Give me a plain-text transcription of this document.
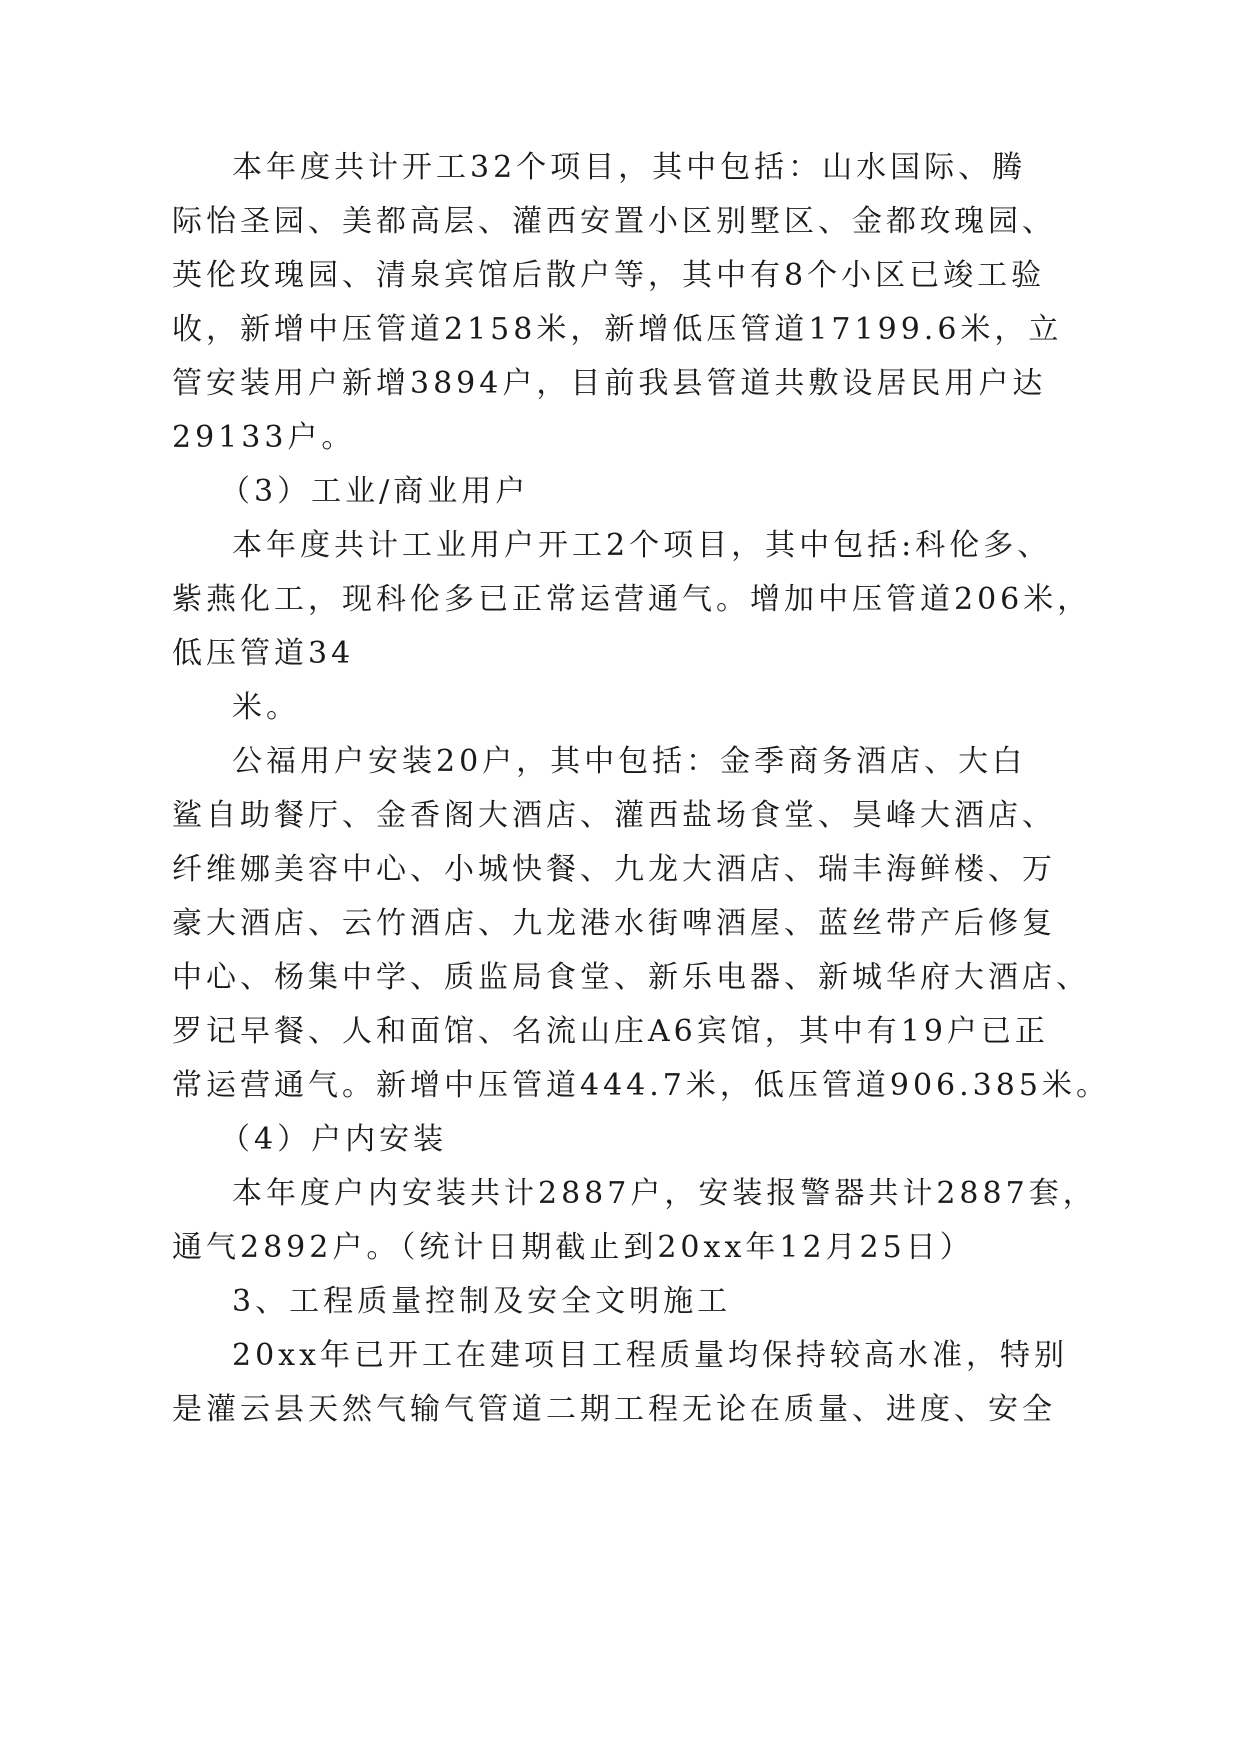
本年度共计开工32个项目，其中包括：山水国际、腾

际怡圣园、美都高层、灌西安置小区别墅区、金都玫瑰园、

英伦玫瑰园、清泉宾馆后散户等，其中有8个小区已竣工验

收，新增中压管道2158米，新增低压管道17199.6米，立

管安装用户新增3894户，目前我县管道共敷设居民用户达

29133户。

（3）工业/商业用户

本年度共计工业用户开工2个项目，其中包括:科伦多、

紫燕化工，现科伦多已正常运营通气。增加中压管道206米，

低压管道34

米。

公福用户安装20户，其中包括：金季商务酒店、大白

鲨自助餐厅、金香阁大酒店、灌西盐场食堂、昊峰大酒店、

纤维娜美容中心、小城快餐、九龙大酒店、瑞丰海鲜楼、万

豪大酒店、云竹酒店、九龙港水街啤酒屋、蓝丝带产后修复

中心、杨集中学、质监局食堂、新乐电器、新城华府大酒店、

罗记早餐、人和面馆、名流山庄A6宾馆，其中有19户已正

常运营通气。新增中压管道444.7米，低压管道906.385米。

（4）户内安装

本年度户内安装共计2887户，安装报警器共计2887套，

通气2892户。（统计日期截止到20xx年12月25日）

3、工程质量控制及安全文明施工

20xx年已开工在建项目工程质量均保持较高水准，特别

是灌云县天然气输气管道二期工程无论在质量、进度、安全
